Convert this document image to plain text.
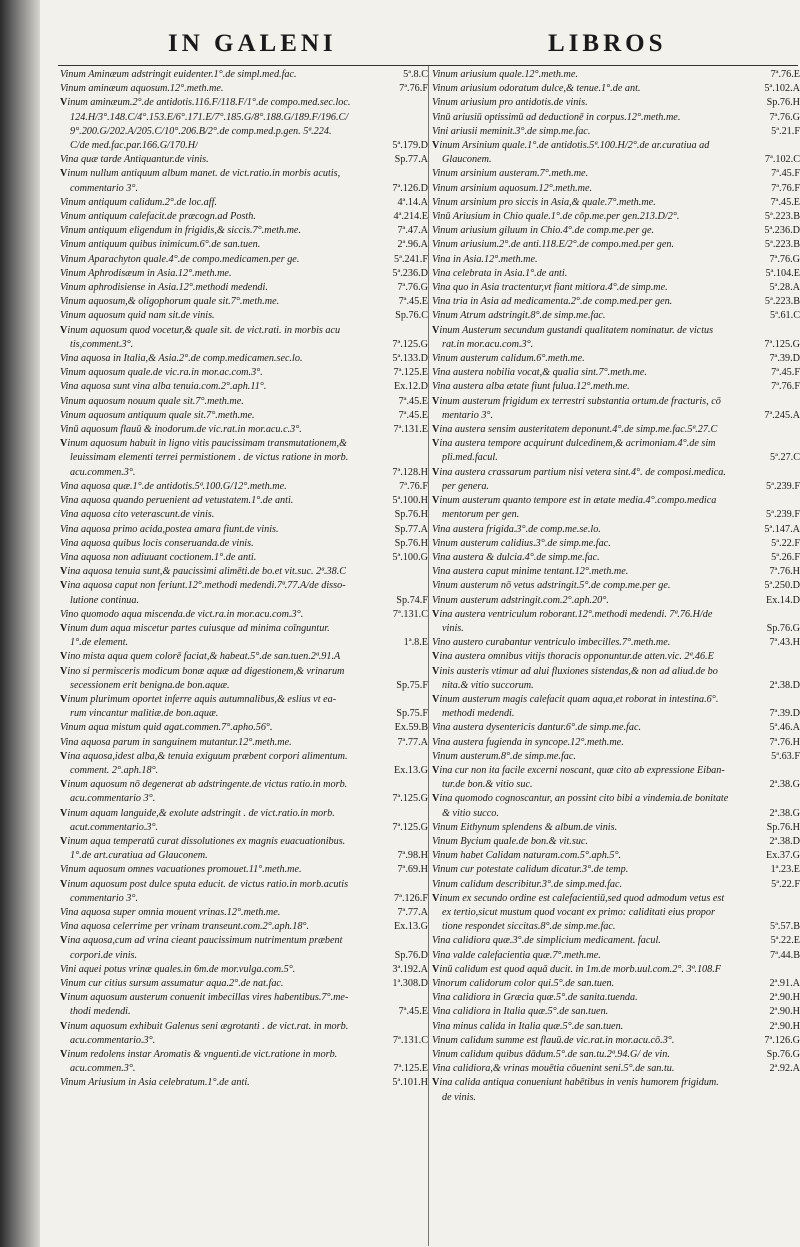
IN GALENI	LIBROS
Vinum Aminæum adstringit euidenter.1°.de simpl.med.fac.	5ª.8.C
Vinum aminæum aquosum.12°.meth.me.	7ª.76.F
Vinum aminæum.2°.de antidotis.116.F/118.F/1°.de compo.med.sec.loc.
124.H/3°.148.C/4°.153.E/6°.171.E/7°.185.G/8°.188.G/189.F/196.C/
9°.200.G/202.A/205.C/10°.206.B/2°.de comp.med.p.gen. 5ª.224.
C/de med.fac.par.166.G/170.H/	5ª.179.D
Vina quæ tarde Antiquantur.de vinis.	Sp.77.A
Vinum nullum antiquum album manet. de vict.ratio.in morbis acutis,
commentario 3°.	7ª.126.D
Vinum antiquum calidum.2°.de loc.aff.	4ª.14.A
Vinum antiquum calefacit.de præcogn.ad Posth.	4ª.214.E
Vinum antiquum eligendum in frigidis,& siccis.7°.meth.me.	7ª.47.A
Vinum antiquum quibus inimicum.6°.de san.tuen.	2ª.96.A
Vinum Aparachyton quale.4°.de compo.medicamen.per ge.	5ª.241.F
Vinum Aphrodisæum in Asia.12°.meth.me.	5ª.236.D
Vinum aphrodisiense in Asia.12°.methodi medendi.	7ª.76.G
Vinum aquosum,& oligophorum quale sit.7°.meth.me.	7ª.45.E
Vinum aquosum quid nam sit.de vinis.	Sp.76.C
Vinum aquosum quod vocetur,& quale sit. de vict.rati. in morbis acu
tis,comment.3°.	7ª.125.G
Vina aquosa in Italia,& Asia.2°.de comp.medicamen.sec.lo.	5ª.133.D
Vinum aquosum quale.de vic.ra.in mor.ac.com.3°.	7ª.125.E
Vina aquosa sunt vina alba tenuia.com.2°.aph.11°.	Ex.12.D
Vinum aquosum nouum quale sit.7°.meth.me.	7ª.45.E
Vinum aquosum antiquum quale sit.7°.meth.me.	7ª.45.E
Vinū aquosum flauū & inodorum.de vic.rat.in mor.acu.c.3°.	7ª.131.E
Vinum aquosum habuit in ligno vitis paucissimam transmutationem,&
leuissimam elementi terrei permistionem . de victus ratione in morb.
acu.commen.3°.	7ª.128.H
Vina aquosa quæ.1°.de antidotis.5ª.100.G/12°.meth.me.	7ª.76.F
Vina aquosa quando peruenient ad vetustatem.1°.de anti.	5ª.100.H
Vina aquosa cito veterascunt.de vinis.	Sp.76.H
Vina aquosa primo acida,postea amara fiunt.de vinis.	Sp.77.A
Vina aquosa quibus locis conseruanda.de vinis.	Sp.76.H
Vina aquosa non adiuuant coctionem.1°.de anti.	5ª.100.G
Vina aquosa tenuia sunt,& paucissimi alimēti.de bo.et vit.suc. 2ª.38.C
Vina aquosa caput non feriunt.12°.methodi medendi.7ª.77.A/de disso-
lutione continua.	Sp.74.F
Vino quomodo aqua miscenda.de vict.ra.in mor.acu.com.3°.	7ª.131.C
Vinum dum aqua miscetur partes cuiusque ad minima coīnguntur.
1°.de element.	1ª.8.E
Vino mista aqua quem colorē faciat,& habeat.5°.de san.tuen.2ª.91.A
Vino si permisceris modicum bonæ aquæ ad digestionem,& vrinarum
secessionem erit benigna.de bon.aquæ.	Sp.75.F
Vinum plurimum oportet inferre aquis autumnalibus,& eslius vt ea-
rum vincantur malitiæ.de bon.aquæ.	Sp.75.F
Vinum aqua mistum quid agat.commen.7°.apho.56°.	Ex.59.B
Vina aquosa parum in sanguinem mutantur.12°.meth.me.	7ª.77.A
Vina aquosa,idest alba,& tenuia exiguum præbent corpori alimentum.
comment. 2°.aph.18°.	Ex.13.G
Vinum aquosum nō degenerat ab adstringente.de victus ratio.in morb.
acu.commentario 3°.	7ª.125.G
Vinum aquam languide,& exolute adstringit . de vict.ratio.in morb.
acut.commentario.3°.	7ª.125.G
Vinum aqua temperatū curat dissolutiones ex magnis euacuationibus.
1°.de art.curatiua ad Glauconem.	7ª.98.H
Vinum aquosum omnes vacuationes promouet.11°.meth.me.	7ª.69.H
Vinum aquosum post dulce sputa educit. de victus ratio.in morb.acutis
commentario 3°.	7ª.126.F
Vina aquosa super omnia mouent vrinas.12°.meth.me.	7ª.77.A
Vina aquosa celerrime per vrinam transeunt.com.2°.aph.18°.	Ex.13.G
Vina aquosa,cum ad vrina cieant paucissimum nutrimentum præbent
corpori.de vinis.	Sp.76.D
Vini aquei potus vrinæ quales.in 6m.de mor.vulga.com.5°.	3ª.192.A
Vinum cur citius sursum assumatur aqua.2°.de nat.fac.	1ª.308.D
Vinum aquosum austerum conuenit imbecillas vires habentibus.7°.me-
thodi medendi.	7ª.45.E
Vinum aquosum exhibuit Galenus seni ægrotanti . de vict.rat. in morb.
acu.commentario.3°.	7ª.131.C
Vinum redolens instar Aromatis & vnguenti.de vict.ratione in morb.
acu.commen.3°.	7ª.125.E
Vinum Ariusium in Asia celebratum.1°.de anti.	5ª.101.H
Vinum ariusium quale.12°.meth.me.	7ª.76.E
Vinum ariusium odoratum dulce,& tenue.1°.de ant.	5ª.102.A
Vinum ariusium pro antidotis.de vinis.	Sp.76.H
Vinū ariusiū optissimū ad deductionē in corpus.12°.meth.me.	7ª.76.G
Vini ariusii meminit.3°.de simp.me.fac.	5ª.21.F
Vinum Arsinium quale.1°.de antidotis.5ª.100.H/2°.de ar.curatiua ad
Glauconem.	7ª.102.C
Vinum arsinium austeram.7°.meth.me.	7ª.45.F
Vinum arsinium aquosum.12°.meth.me.	7ª.76.F
Vinum arsinium pro siccis in Asia,& quale.7°.meth.me.	7ª.45.E
Vinū Ariusium in Chio quale.1°.de cōp.me.per gen.213.D/2°.	5ª.223.B
Vinum ariusium giluum in Chio.4°.de comp.me.per ge.	5ª.236.D
Vinum ariusium.2°.de anti.118.E/2°.de compo.med.per gen.	5ª.223.B
Vina in Asia.12°.meth.me.	7ª.76.G
Vina celebrata in Asia.1°.de anti.	5ª.104.E
Vina quo in Asia tractentur,vt fiant mitiora.4°.de simp.me.	5ª.28.A
Vina tria in Asia ad medicamenta.2°.de comp.med.per gen.	5ª.223.B
Vinum Atrum adstringit.8°.de simp.me.fac.	5ª.61.C
Vinum Austerum secundum gustandi qualitatem nominatur. de victus
rat.in mor.acu.com.3°.	7ª.125.G
Vinum austerum calidum.6°.meth.me.	7ª.39.D
Vina austera nobilia vocat,& qualia sint.7°.meth.me.	7ª.45.F
Vina austera alba ætate fiunt fulua.12°.meth.me.	7ª.76.F
Vinum austerum frigidum ex terrestri substantia ortum.de fracturis, cō
mentario 3°.	7ª.245.A
Vina austera sensim austeritatem deponunt.4°.de simp.me.fac.5ª.27.C
Vina austera tempore acquirunt dulcedinem,& acrimoniam.4°.de sim
pli.med.facul.	5ª.27.C
Vina austera crassarum partium nisi vetera sint.4°. de composi.medica.
per genera.	5ª.239.F
Vinum austerum quanto tempore est in ætate media.4°.compo.medica
mentorum per gen.	5ª.239.F
Vina austera frigida.3°.de comp.me.se.lo.	5ª.147.A
Vinum austerum calidius.3°.de simp.me.fac.	5ª.22.F
Vina austera & dulcia.4°.de simp.me.fac.	5ª.26.F
Vina austera caput minime tentant.12°.meth.me.	7ª.76.H
Vinum austerum nō vetus adstringit.5°.de comp.me.per ge.	5ª.250.D
Vinum austerum adstringit.com.2°.aph.20°.	Ex.14.D
Vina austera ventriculum roborant.12°.methodi medendi. 7ª.76.H/de
vinis.	Sp.76.G
Vino austero curabantur ventriculo imbecilles.7°.meth.me.	7ª.43.H
Vina austera omnibus vitijs thoracis opponuntur.de atten.vic. 2ª.46.E
Vinis austeris vtimur ad alui fluxiones sistendas,& non ad aliud.de bo
nita.& vitio succorum.	2ª.38.D
Vinum austerum magis calefacit quam aqua,et roborat in intestina.6°.
methodi medendi.	7ª.39.D
Vina austera dysentericis dantur.6°.de simp.me.fac.	5ª.46.A
Vina austera fugienda in syncope.12°.meth.me.	7ª.76.H
Vinum austerum.8°.de simp.me.fac.	5ª.63.F
Vina cur non ita facile excerni noscant, quæ cito ab expressione Eiban-
tur.de bon.& vitio suc.	2ª.38.G
Vina quomodo cognoscantur, an possint cito bibi a vindemia.de bonitate
& vitio succo.	2ª.38.G
Vinum Eithynum splendens & album.de vinis.	Sp.76.H
Vinum Bycium quale.de bon.& vit.suc.	2ª.38.D
Vinum habet Calidam naturam.com.5°.aph.5°.	Ex.37.G
Vinum cur potestate calidum dicatur.3°.de temp.	1ª.23.E
Vinum calidum describitur.3°.de simp.med.fac.	5ª.22.F
Vinum ex secundo ordine est calefacientiū,sed quod admodum vetus est
ex tertio,sicut mustum quod vocant ex primo: caliditati eius propor
tione respondet siccitas.8°.de simp.me.fac.	5ª.57.B
Vina calidiora quæ.3°.de simplicium medicament. facul.	5ª.22.E
Vina valde calefacientia quæ.7°.meth.me.	7ª.44.B
Vinū calidum est quod aquā ducit. in 1m.de morb.uul.com.2°. 3ª.108.F
Vinorum calidorum color qui.5°.de san.tuen.	2ª.91.A
Vina calidiora in Græcia quæ.5°.de sanita.tuenda.	2ª.90.H
Vina calidiora in Italia quæ.5°.de san.tuen.	2ª.90.H
Vina minus calida in Italia quæ.5°.de san.tuen.	2ª.90.H
Vinum calidum summe est flauū.de vic.rat.in mor.acu.cō.3°.	7ª.126.G
Vinum calidum quibus dādum.5°.de san.tu.2ª.94.G/ de vin.	Sp.76.G
Vina calidiora,& vrinas mouētia cōuenint seni.5°.de san.tu.	2ª.92.A
Vina calida antiqua conueniunt habētibus in venis humorem frigidum.
de vinis.
